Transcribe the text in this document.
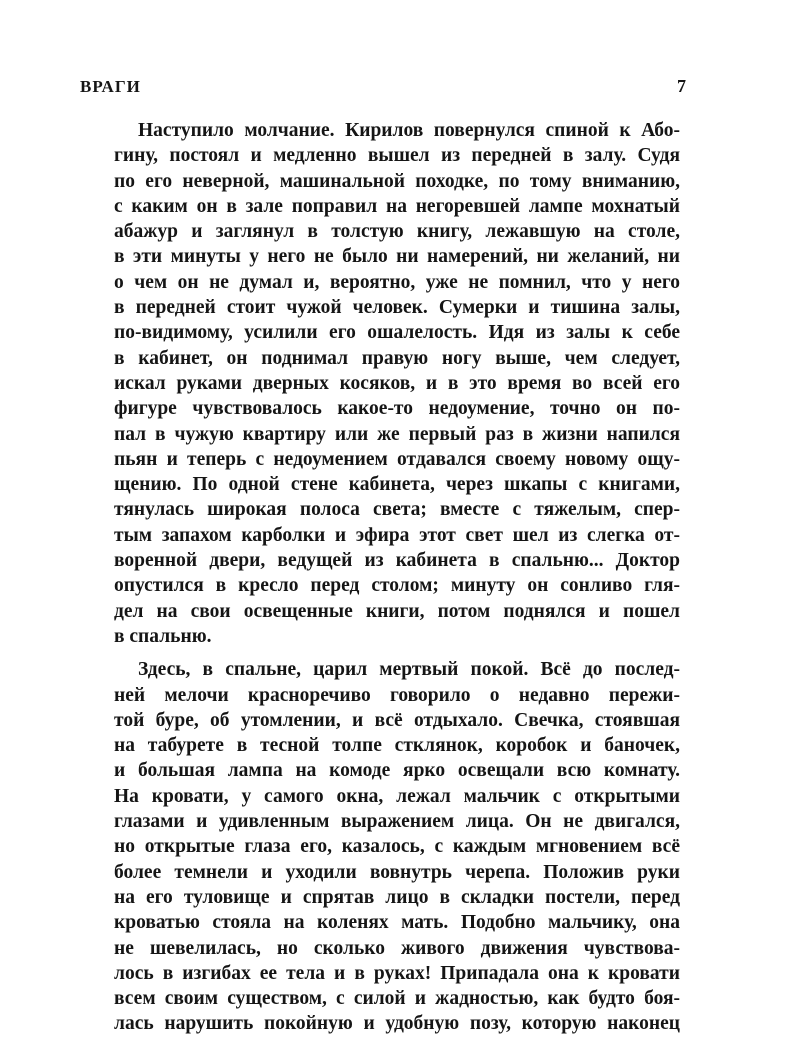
ВРАГИ	7
Наступило молчание. Кирилов повернулся спиной к Або-
гину, постоял и медленно вышел из передней в залу. Судя
по его неверной, машинальной походке, по тому вниманию,
с каким он в зале поправил на негоревшей лампе мохнатый
абажур и заглянул в толстую книгу, лежавшую на столе,
в эти минуты у него не было ни намерений, ни желаний, ни
о чем он не думал и, вероятно, уже не помнил, что у него
в передней стоит чужой человек. Сумерки и тишина залы,
по-видимому, усилили его ошалелость. Идя из залы к себе
в кабинет, он поднимал правую ногу выше, чем следует,
искал руками дверных косяков, и в это время во всей его
фигуре чувствовалось какое-то недоумение, точно он по-
пал в чужую квартиру или же первый раз в жизни напился
пьян и теперь с недоумением отдавался своему новому ощу-
щению. По одной стене кабинета, через шкапы с книгами,
тянулась широкая полоса света; вместе с тяжелым, спер-
тым запахом карболки и эфира этот свет шел из слегка от-
воренной двери, ведущей из кабинета в спальню... Доктор
опустился в кресло перед столом; минуту он сонливо гля-
дел на свои освещенные книги, потом поднялся и пошел
в спальню.
Здесь, в спальне, царил мертвый покой. Всё до послед-
ней мелочи красноречиво говорило о недавно пережи-
той буре, об утомлении, и всё отдыхало. Свечка, стоявшая
на табурете в тесной толпе стклянок, коробок и баночек,
и большая лампа на комоде ярко освещали всю комнату.
На кровати, у самого окна, лежал мальчик с открытыми
глазами и удивленным выражением лица. Он не двигался,
но открытые глаза его, казалось, с каждым мгновением всё
более темнели и уходили вовнутрь черепа. Положив руки
на его туловище и спрятав лицо в складки постели, перед
кроватью стояла на коленях мать. Подобно мальчику, она
не шевелилась, но сколько живого движения чувствова-
лось в изгибах ее тела и в руках! Припадала она к кровати
всем своим существом, с силой и жадностью, как будто боя-
лась нарушить покойную и удобную позу, которую наконец
